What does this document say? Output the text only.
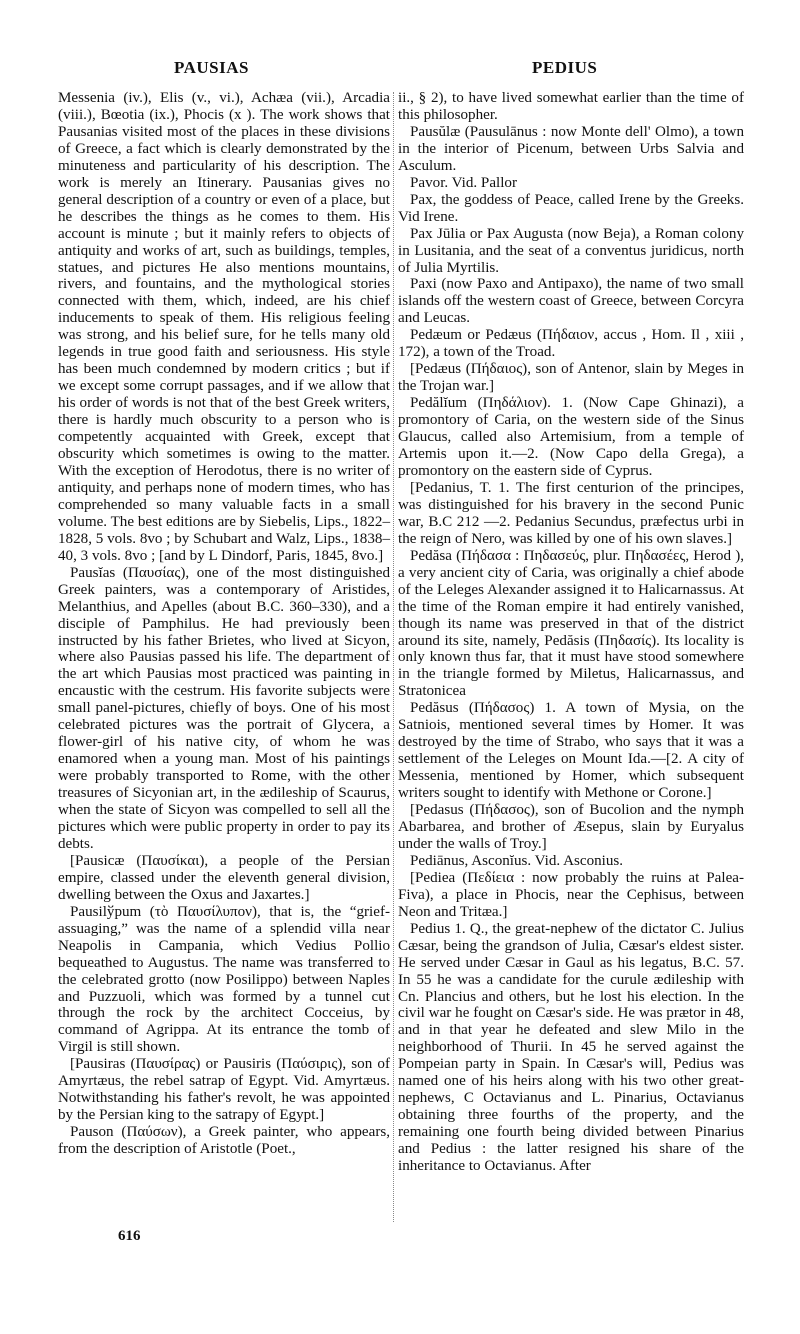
PAUSIAS	PEDIUS

Messenia (iv.), Elis (v., vi.), Achæa (vii.), Arcadia (viii.), Bœotia (ix.), Phocis (x ). The work shows that Pausanias visited most of the places in these divisions of Greece, a fact which is clearly demonstrated by the minuteness and particularity of his description. The work is merely an Itinerary. Pausanias gives no general description of a country or even of a place, but he describes the things as he comes to them. His account is minute ; but it mainly refers to objects of antiquity and works of art, such as buildings, temples, statues, and pictures He also mentions mountains, rivers, and fountains, and the mythological stories connected with them, which, indeed, are his chief inducements to speak of them. His religious feeling was strong, and his belief sure, for he tells many old legends in true good faith and seriousness. His style has been much condemned by modern critics ; but if we except some corrupt passages, and if we allow that his order of words is not that of the best Greek writers, there is hardly much obscurity to a person who is competently acquainted with Greek, except that obscurity which sometimes is owing to the matter. With the exception of Herodotus, there is no writer of antiquity, and perhaps none of modern times, who has comprehended so many valuable facts in a small volume. The best editions are by Siebelis, Lips., 1822–1828, 5 vols. 8vo ; by Schubart and Walz, Lips., 1838–40, 3 vols. 8vo ; [and by L Dindorf, Paris, 1845, 8vo.]

Pausĭas (Παυσίας), one of the most distinguished Greek painters, was a contemporary of Aristides, Melanthius, and Apelles (about B.C. 360–330), and a disciple of Pamphilus. He had previously been instructed by his father Brietes, who lived at Sicyon, where also Pausias passed his life. The department of the art which Pausias most practiced was painting in encaustic with the cestrum. His favorite subjects were small panel-pictures, chiefly of boys. One of his most celebrated pictures was the portrait of Glycera, a flower-girl of his native city, of whom he was enamored when a young man. Most of his paintings were probably transported to Rome, with the other treasures of Sicyonian art, in the ædileship of Scaurus, when the state of Sicyon was compelled to sell all the pictures which were public property in order to pay its debts.

[Pausicæ (Παυσίκαι), a people of the Persian empire, classed under the eleventh general division, dwelling between the Oxus and Jaxartes.]

Pausilўpum (τὸ Παυσίλυπον), that is, the “grief-assuaging,” was the name of a splendid villa near Neapolis in Campania, which Vedius Pollio bequeathed to Augustus. The name was transferred to the celebrated grotto (now Posilippo) between Naples and Puzzuoli, which was formed by a tunnel cut through the rock by the architect Cocceius, by command of Agrippa. At its entrance the tomb of Virgil is still shown.

[Pausiras (Παυσίρας) or Pausiris (Παύσιρις), son of Amyrtæus, the rebel satrap of Egypt. Vid. Amyrtæus. Notwithstanding his father's revolt, he was appointed by the Persian king to the satrapy of Egypt.]

Pauson (Παύσων), a Greek painter, who appears, from the description of Aristotle (Poet.,

ii., § 2), to have lived somewhat earlier than the time of this philosopher.

Pausŭlæ (Pausulānus : now Monte dell' Olmo), a town in the interior of Picenum, between Urbs Salvia and Asculum.

Pavor. Vid. Pallor

Pax, the goddess of Peace, called Irene by the Greeks. Vid Irene.

Pax Jūlia or Pax Augusta (now Beja), a Roman colony in Lusitania, and the seat of a conventus juridicus, north of Julia Myrtilis.

Paxi (now Paxo and Antipaxo), the name of two small islands off the western coast of Greece, between Corcyra and Leucas.

Pedæum or Pedæus (Πήδαιον, accus , Hom. Il , xiii , 172), a town of the Troad.

[Pedæus (Πήδαιος), son of Antenor, slain by Meges in the Trojan war.]

Pedălĭum (Πηδάλιον). 1. (Now Cape Ghinazi), a promontory of Caria, on the western side of the Sinus Glaucus, called also Artemisium, from a temple of Artemis upon it.—2. (Now Capo della Grega), a promontory on the eastern side of Cyprus.

[Pedanius, T. 1. The first centurion of the principes, was distinguished for his bravery in the second Punic war, B.C 212 —2. Pedanius Secundus, præfectus urbi in the reign of Nero, was killed by one of his own slaves.]

Pedăsa (Πήδασα : Πηδασεύς, plur. Πηδασέες, Herod ), a very ancient city of Caria, was originally a chief abode of the Leleges Alexander assigned it to Halicarnassus. At the time of the Roman empire it had entirely vanished, though its name was preserved in that of the district around its site, namely, Pedăsis (Πηδασίς). Its locality is only known thus far, that it must have stood somewhere in the triangle formed by Miletus, Halicarnassus, and Stratonicea

Pedăsus (Πήδασος) 1. A town of Mysia, on the Satniois, mentioned several times by Homer. It was destroyed by the time of Strabo, who says that it was a settlement of the Leleges on Mount Ida.—[2. A city of Messenia, mentioned by Homer, which subsequent writers sought to identify with Methone or Corone.]

[Pedasus (Πήδασος), son of Bucolion and the nymph Abarbarea, and brother of Æsepus, slain by Euryalus under the walls of Troy.]

Pediānus, Asconĭus. Vid. Asconius.

[Pediea (Πεδίεια : now probably the ruins at Palea-Fiva), a place in Phocis, near the Cephisus, between Neon and Tritæa.]

Pedius 1. Q., the great-nephew of the dictator C. Julius Cæsar, being the grandson of Julia, Cæsar's eldest sister. He served under Cæsar in Gaul as his legatus, B.C. 57. In 55 he was a candidate for the curule ædileship with Cn. Plancius and others, but he lost his election. In the civil war he fought on Cæsar's side. He was prætor in 48, and in that year he defeated and slew Milo in the neighborhood of Thurii. In 45 he served against the Pompeian party in Spain. In Cæsar's will, Pedius was named one of his heirs along with his two other great-nephews, C Octavianus and L. Pinarius, Octavianus obtaining three fourths of the property, and the remaining one fourth being divided between Pinarius and Pedius : the latter resigned his share of the inheritance to Octavianus. After

616
